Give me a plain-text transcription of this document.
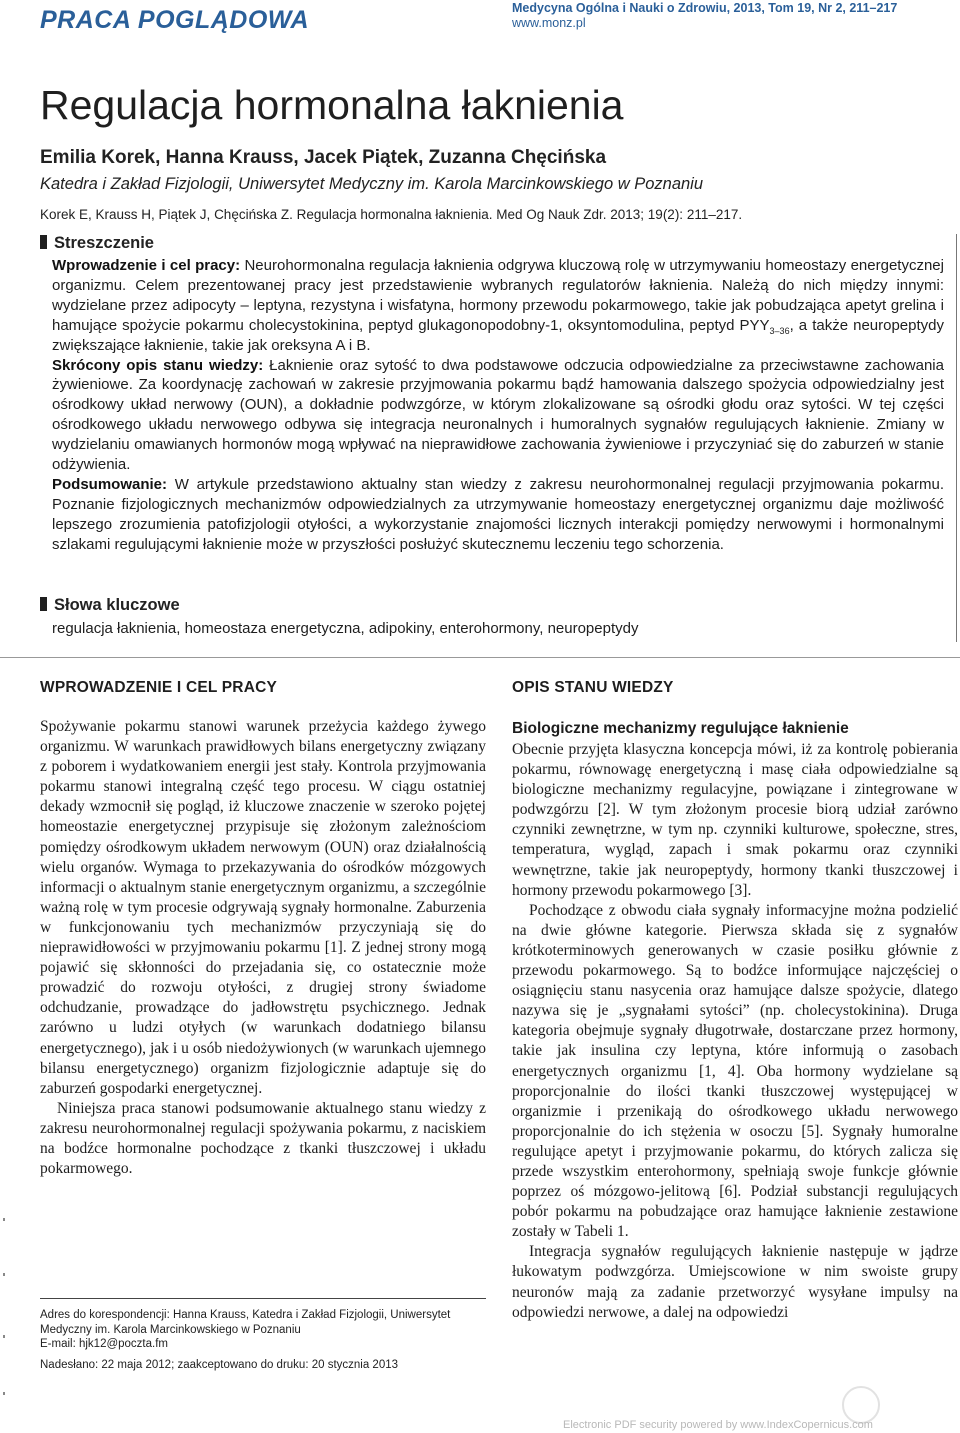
PRACA POGLĄDOWA	Medycyna Ogólna i Nauki o Zdrowiu, 2013, Tom 19, Nr 2, 211–217
www.monz.pl
Regulacja hormonalna łaknienia
Emilia Korek, Hanna Krauss, Jacek Piątek, Zuzanna Chęcińska
Katedra i Zakład Fizjologii, Uniwersytet Medyczny im. Karola Marcinkowskiego w Poznaniu
Korek E, Krauss H, Piątek J, Chęcińska Z. Regulacja hormonalna łaknienia. Med Og Nauk Zdr. 2013; 19(2): 211–217.
Streszczenie

Wprowadzenie i cel pracy: Neurohormonalna regulacja łaknienia odgrywa kluczową rolę w utrzymywaniu homeostazy energetycznej organizmu. Celem prezentowanej pracy jest przedstawienie wybranych regulatorów łaknienia. Należą do nich między innymi: wydzielane przez adipocyty – leptyna, rezystyna i wisfatyna, hormony przewodu pokarmowego, takie jak pobudzająca apetyt grelina i hamujące spożycie pokarmu cholecystokinina, peptyd glukagonopodobny-1, oksyntomodulina, peptyd $PYY_{3-36}$, a także neuropeptydy zwiększające łaknienie, takie jak oreksyna A i B.

Skrócony opis stanu wiedzy: Łaknienie oraz sytość to dwa podstawowe odczucia odpowiedzialne za przeciwstawne zachowania żywieniowe. Za koordynację zachowań w zakresie przyjmowania pokarmu bądź hamowania dalszego spożycia odpowiedzialny jest ośrodkowy układ nerwowy (OUN), a dokładnie podwzgórze, w którym zlokalizowane są ośrodki głodu oraz sytości. W tej części ośrodkowego układu nerwowego odbywa się integracja neuronalnych i humoralnych sygnałów regulujących łaknienie. Zmiany w wydzielaniu omawianych hormonów mogą wpływać na nieprawidłowe zachowania żywieniowe i przyczyniać się do zaburzeń w stanie odżywienia.

Podsumowanie: W artykule przedstawiono aktualny stan wiedzy z zakresu neurohormonalnej regulacji przyjmowania pokarmu. Poznanie fizjologicznych mechanizmów odpowiedzialnych za utrzymywanie homeostazy energetycznej organizmu daje możliwość lepszego zrozumienia patofizjologii otyłości, a wykorzystanie znajomości licznych interakcji pomiędzy nerwowymi i hormonalnymi szlakami regulującymi łaknienie może w przyszłości posłużyć skutecznemu leczeniu tego schorzenia.

Słowa kluczowe
regulacja łaknienia, homeostaza energetyczna, adipokiny, enterohormony, neuropeptydy
WPROWADZENIE I CEL PRACY

Spożywanie pokarmu stanowi warunek przeżycia każdego żywego organizmu. W warunkach prawidłowych bilans energetyczny związany z poborem i wydatkowaniem energii jest stały. Kontrola przyjmowania pokarmu stanowi integralną część tego procesu. W ciągu ostatniej dekady wzmocnił się pogląd, iż kluczowe znaczenie w szeroko pojętej homeostazie energetycznej przypisuje się złożonym zależnościom pomiędzy ośrodkowym układem nerwowym (OUN) oraz działalnością wielu organów. Wymaga to przekazywania do ośrodków mózgowych informacji o aktualnym stanie energetycznym organizmu, a szczególnie ważną rolę w tym procesie odgrywają sygnały hormonalne. Zaburzenia w funkcjonowaniu tych mechanizmów przyczyniają się do nieprawidłowości w przyjmowaniu pokarmu [1]. Z jednej strony mogą pojawić się skłonności do przejadania się, co ostatecznie może prowadzić do rozwoju otyłości, z drugiej strony świadome odchudzanie, prowadzące do jadłowstrętu psychicznego. Jednak zarówno u ludzi otyłych (w warunkach dodatniego bilansu energetycznego), jak i u osób niedożywionych (w warunkach ujemnego bilansu energetycznego) organizm fizjologicznie adaptuje się do zaburzeń gospodarki energetycznej.

Niniejsza praca stanowi podsumowanie aktualnego stanu wiedzy z zakresu neurohormonalnej regulacji spożywania pokarmu, z naciskiem na bodźce hormonalne pochodzące z tkanki tłuszczowej i układu pokarmowego.

OPIS STANU WIEDZY
Biologiczne mechanizmy regulujące łaknienie

Obecnie przyjęta klasyczna koncepcja mówi, iż za kontrolę pobierania pokarmu, równowagę energetyczną i masę ciała odpowiedzialne są biologiczne mechanizmy regulacyjne, powiązane i zintegrowane w podwzgórzu [2]. W tym złożonym procesie biorą udział zarówno czynniki zewnętrzne, w tym np. czynniki kulturowe, społeczne, stres, temperatura, wygląd, zapach i smak pokarmu oraz czynniki wewnętrzne, takie jak neuropeptydy, hormony tkanki tłuszczowej i hormony przewodu pokarmowego [3].

Pochodzące z obwodu ciała sygnały informacyjne można podzielić na dwie główne kategorie. Pierwsza składa się z sygnałów krótkoterminowych generowanych w czasie posiłku głównie z przewodu pokarmowego. Są to bodźce informujące najczęściej o osiągnięciu stanu nasycenia oraz hamujące dalsze spożycie, dlatego nazywa się je „sygnałami sytości” (np. cholecystokinina). Druga kategoria obejmuje sygnały długotrwałe, dostarczane przez hormony, takie jak insulina czy leptyna, które informują o zasobach energetycznych organizmu [1, 4]. Oba hormony wydzielane są proporcjonalnie do ilości tkanki tłuszczowej występującej w organizmie i przenikają do ośrodkowego układu nerwowego proporcjonalnie do ich stężenia w osoczu [5]. Sygnały humoralne regulujące apetyt i przyjmowanie pokarmu, do których zalicza się przede wszystkim enterohormony, spełniają swoje funkcje głównie poprzez oś mózgowo-jelitową [6]. Podział substancji regulujących pobór pokarmu na pobudzające oraz hamujące łaknienie zestawione zostały w Tabeli 1.

Integracja sygnałów regulujących łaknienie następuje w jądrze łukowatym podwzgórza. Umiejscowione w nim swoiste grupy neuronów mają za zadanie przetworzyć wysyłane impulsy na odpowiedzi nerwowe, a dalej na odpowiedzi

Adres do korespondencji: Hanna Krauss, Katedra i Zakład Fizjologii, Uniwersytet Medyczny im. Karola Marcinkowskiego w Poznaniu

E-mail: hjk12@poczta.fm

Nadesłano: 22 maja 2012; zaakceptowano do druku: 20 stycznia 2013

Electronic PDF security powered by www.IndexCopernicus.com
